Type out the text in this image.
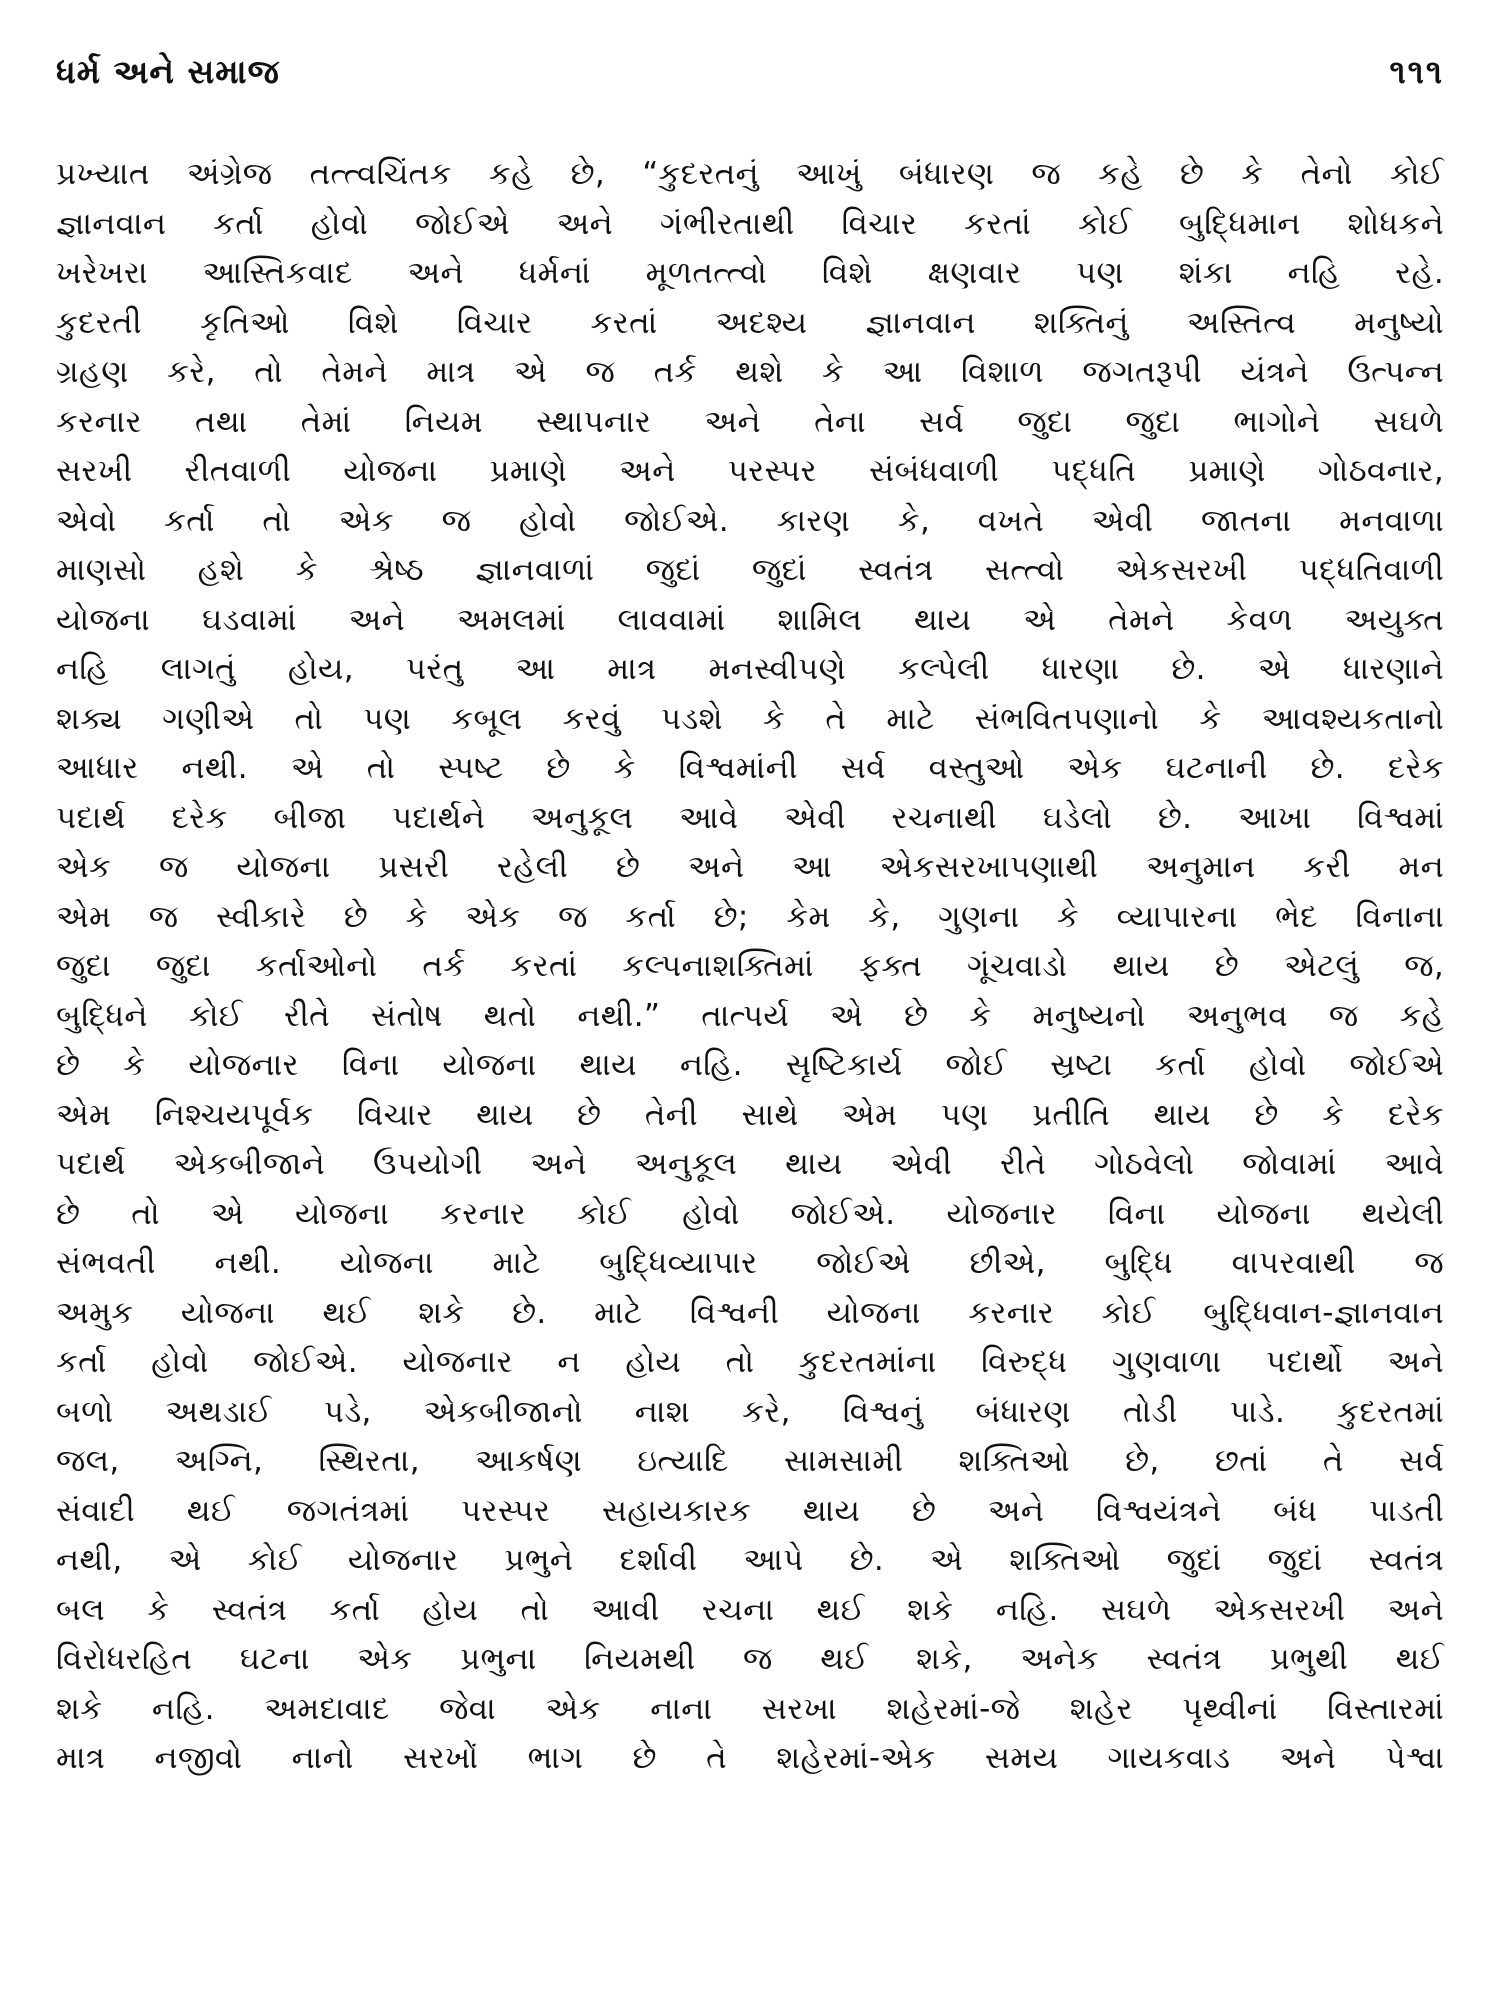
ધર્મ અને સમાજ	૧૧૧
પ્રખ્યાત અંગ્રેજ તત્ત્વચિંતક કહે છે, “કુદરતનું આખું બંધારણ જ કહે છે કે તેનો કોઈ
જ્ઞાનવાન કર્તા હોવો જોઈએ અને ગંભીરતાથી વિચાર કરતાં કોઈ બુદ્ધિમાન શોધકને
ખરેખરા આસ્તિકવાદ અને ધર્મનાં મૂળતત્ત્વો વિશે ક્ષણવાર પણ શંકા નહિ રહે.
કુદરતી કૃતિઓ વિશે વિચાર કરતાં અદશ્ય જ્ઞાનવાન શક્તિનું અસ્તિત્વ મનુષ્યો
ગ્રહણ કરે, તો તેમને માત્ર એ જ તર્ક થશે કે આ વિશાળ જગતરૂપી યંત્રને ઉત્પન્ન
કરનાર તથા તેમાં નિયમ સ્થાપનાર અને તેના સર્વ જુદા જુદા ભાગોને સઘળે
સરખી રીતવાળી યોજના પ્રમાણે અને પરસ્પર સંબંધવાળી પદ્ધતિ પ્રમાણે ગોઠવનાર,
એવો કર્તા તો એક જ હોવો જોઈએ. કારણ કે, વખતે એવી જાતના મનવાળા
માણસો હશે કે શ્રેષ્ઠ જ્ઞાનવાળાં જુદાં જુદાં સ્વતંત્ર સત્ત્વો એકસરખી પદ્ધતિવાળી
યોજના ઘડવામાં અને અમલમાં લાવવામાં શામિલ થાય એ તેમને કેવળ અયુક્ત
નહિ લાગતું હોય, પરંતુ આ માત્ર મનસ્વીપણે કલ્પેલી ધારણા છે. એ ધારણાને
શક્ય ગણીએ તો પણ કબૂલ કરવું પડશે કે તે માટે સંભવિતપણાનો કે આવશ્યકતાનો
આધાર નથી. એ તો સ્પષ્ટ છે કે વિશ્વમાંની સર્વ વસ્તુઓ એક ઘટનાની છે. દરેક
પદાર્થ દરેક બીજા પદાર્થને અનુકૂલ આવે એવી રચનાથી ઘડેલો છે. આખા વિશ્વમાં
એક જ યોજના પ્રસરી રહેલી છે અને આ એકસરખાપણાથી અનુમાન કરી મન
એમ જ સ્વીકારે છે કે એક જ કર્તા છે; કેમ કે, ગુણના કે વ્યાપારના ભેદ વિનાના
જુદા જુદા કર્તાઓનો તર્ક કરતાં કલ્પનાશક્તિમાં ફક્ત ગૂંચવાડો થાય છે એટલું જ,
બુદ્ધિને કોઈ રીતે સંતોષ થતો નથી.” તાત્પર્ય એ છે કે મનુષ્યનો અનુભવ જ કહે
છે કે યોજનાર વિના યોજના થાય નહિ. સૃષ્ટિકાર્ય જોઈ સ્રષ્ટા કર્તા હોવો જોઈએ
એમ નિશ્ચયપૂર્વક વિચાર થાય છે તેની સાથે એમ પણ પ્રતીતિ થાય છે કે દરેક
પદાર્થ એકબીજાને ઉપયોગી અને અનુકૂલ થાય એવી રીતે ગોઠવેલો જોવામાં આવે
છે તો એ યોજના કરનાર કોઈ હોવો જોઈએ. યોજનાર વિના યોજના થયેલી
સંભવતી નથી. યોજના માટે બુદ્ધિવ્યાપાર જોઈએ છીએ, બુદ્ધિ વાપરવાથી જ
અમુક યોજના થઈ શકે છે. માટે વિશ્વની યોજના કરનાર કોઈ બુદ્ધિવાન-જ્ઞાનવાન
કર્તા હોવો જોઈએ. યોજનાર ન હોય તો કુદરતમાંના વિરુદ્ધ ગુણવાળા પદાર્થો અને
બળો અથડાઈ પડે, એકબીજાનો નાશ કરે, વિશ્વનું બંધારણ તોડી પાડે. કુદરતમાં
જલ, અગ્નિ, સ્થિરતા, આકર્ષણ ઇત્યાદિ સામસામી શક્તિઓ છે, છતાં તે સર્વ
સંવાદી થઈ જગતંત્રમાં પરસ્પર સહાયકારક થાય છે અને વિશ્વયંત્રને બંધ પાડતી
નથી, એ કોઈ યોજનાર પ્રભુને દર્શાવી આપે છે. એ શક્તિઓ જુદાં જુદાં સ્વતંત્ર
બલ કે સ્વતંત્ર કર્તા હોય તો આવી રચના થઈ શકે નહિ. સઘળે એકસરખી અને
વિરોધરહિત ઘટના એક પ્રભુના નિયમથી જ થઈ શકે, અનેક સ્વતંત્ર પ્રભુથી થઈ
શકે નહિ. અમદાવાદ જેવા એક નાના સરખા શહેરમાં-જે શહેર પૃથ્વીનાં વિસ્તારમાં
માત્ર નજીવો નાનો સરખોં ભાગ છે તે શહેરમાં-એક સમય ગાયકવાડ અને પેશ્વા
